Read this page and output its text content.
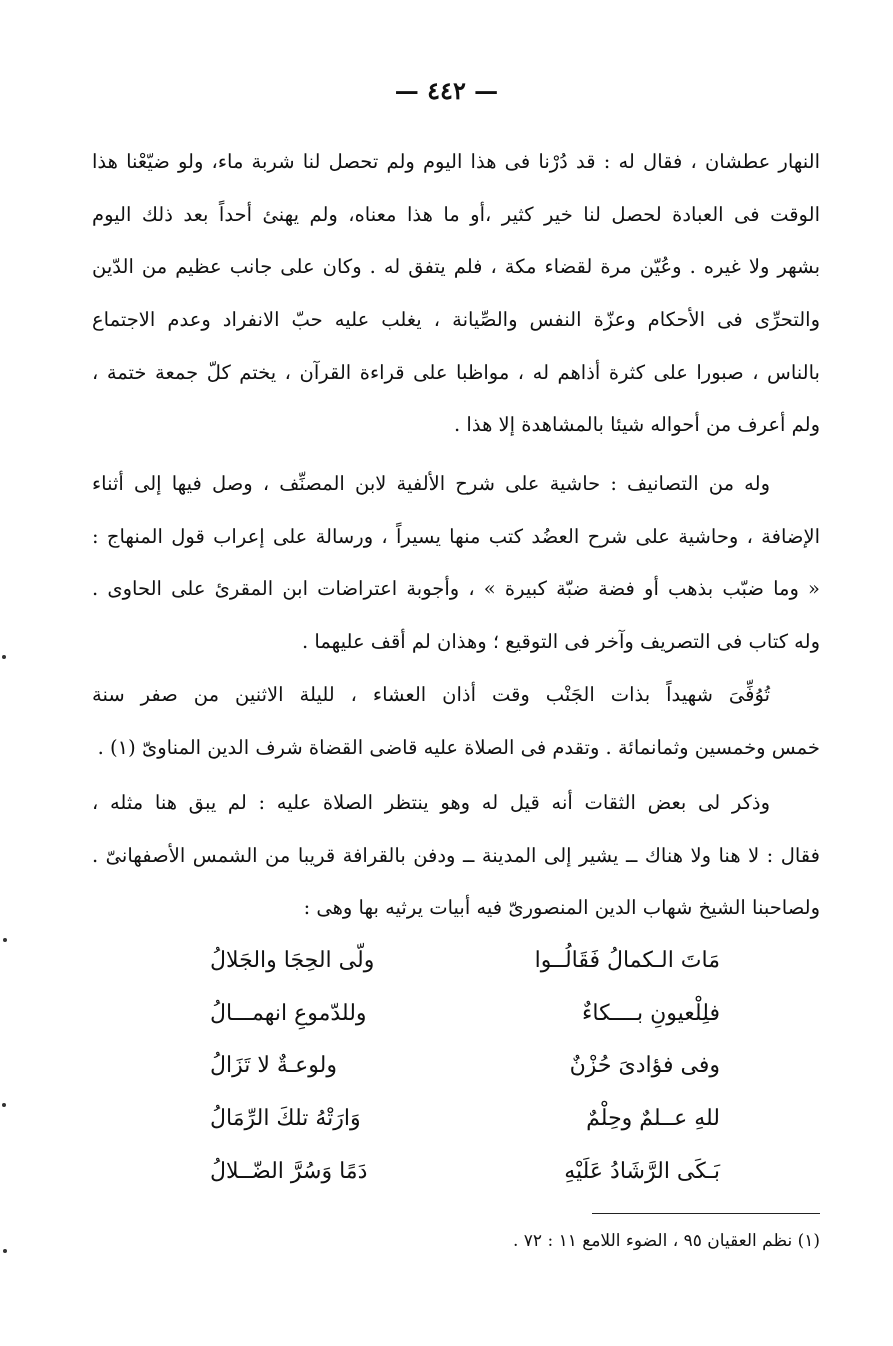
— ٤٤٢ —
النهار عطشان ، فقال له : قد دُرْنا فى هذا اليوم ولم تحصل لنا شربة ماء، ولو ضيّعْنا هذا
الوقت فى العبادة لحصل لنا خير كثير ،أو ما هذا معناه، ولم يهنئ أحداً بعد ذلك اليوم
بشهر ولا غيره . وعُيّن مرة لقضاء مكة ، فلم يتفق له . وكان على جانب عظيم من الدّين
والتحرِّى فى الأحكام وعزّة النفس والصِّيانة ، يغلب عليه حبّ الانفراد وعدم الاجتماع
بالناس ، صبورا على كثرة أذاهم له ، مواظبا على قراءة القرآن ، يختم كلّ جمعة ختمة ،
ولم أعرف من أحواله شيئا بالمشاهدة إلا هذا .
وله من التصانيف : حاشية على شرح الألفية لابن المصنِّف ، وصل فيها إلى أثناء
الإضافة ، وحاشية على شرح العضُد كتب منها يسيراً ، ورسالة على إعراب قول المنهاج :
« وما ضبّب بذهب أو فضة ضبّة كبيرة » ، وأجوبة اعتراضات ابن المقرئ على الحاوى .
وله كتاب فى التصريف وآخر فى التوقيع ؛ وهذان لم أقف عليهما .
تُوُفِّىَ شهيداً بذات الجَنْب وقت أذان العشاء ، لليلة الاثنين من صفر سنة
خمس وخمسين وثمانمائة . وتقدم فى الصلاة عليه قاضى القضاة شرف الدين المناوىّ (١) .
وذكر لى بعض الثقات أنه قيل له وهو ينتظر الصلاة عليه : لم يبق هنا مثله ،
فقال : لا هنا ولا هناك ــ يشير إلى المدينة ــ ودفن بالقرافة قريبا من الشمس الأصفهانىّ .
ولصاحبنا الشيخ شهاب الدين المنصورىّ فيه أبيات يرثيه بها وهى :
مَاتَ الـكمالُ فَقَالُــوا
ولّى الحِجَا والجَلالُ
فلِلْعيونِ بــــكاءٌ
وللدّموعِ انهمـــالُ
وفى فؤادىَ حُزْنٌ
ولوعـةٌ لا تَزَالُ
للهِ عــلمٌ وحِلْمٌ
وَارَتْهُ تلكَ الرِّمَالُ
بَـكَى الرَّشَادُ عَلَيْهِ
دَمًا وَسُرَّ الضّــلالُ
(١) نظم العقيان ٩٥ ، الضوء اللامع ١١ : ٧٢ .
